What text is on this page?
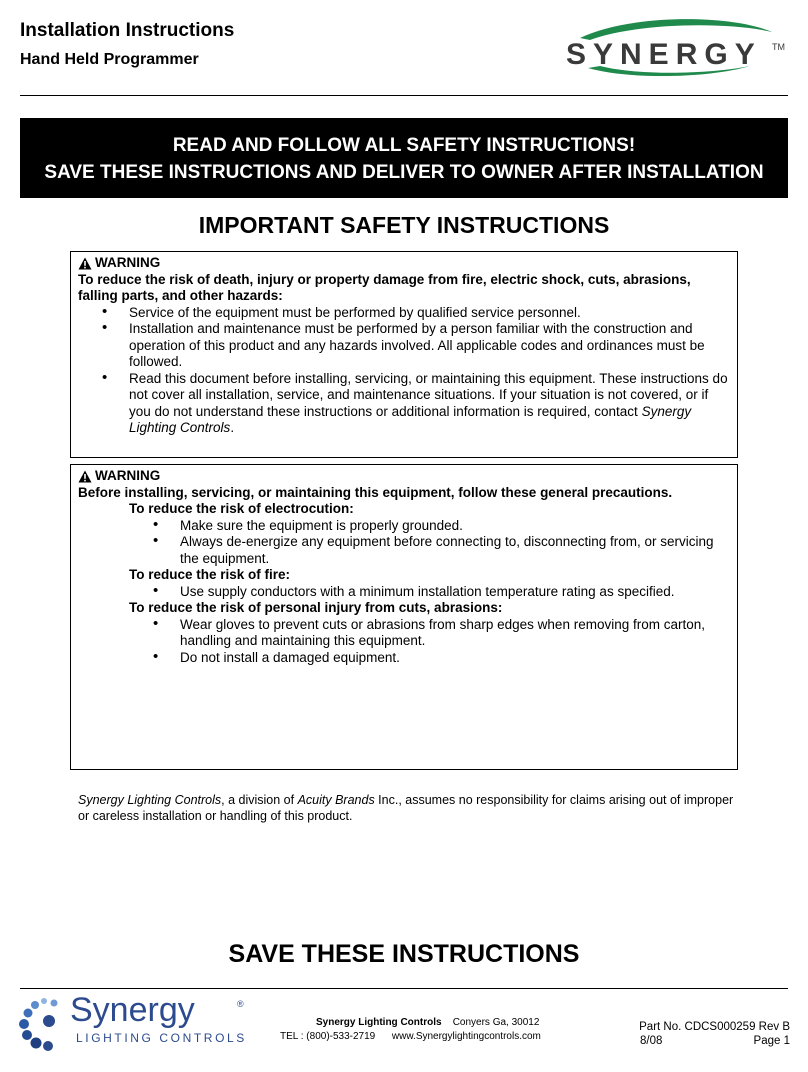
Installation Instructions
Hand Held Programmer	SYNERGY TM
READ AND FOLLOW ALL SAFETY INSTRUCTIONS!
SAVE THESE INSTRUCTIONS AND DELIVER TO OWNER AFTER INSTALLATION
IMPORTANT SAFETY INSTRUCTIONS
WARNING
To reduce the risk of death, injury or property damage from fire, electric shock, cuts, abrasions, falling parts, and other hazards:
• Service of the equipment must be performed by qualified service personnel.
• Installation and maintenance must be performed by a person familiar with the construction and operation of this product and any hazards involved. All applicable codes and ordinances must be followed.
• Read this document before installing, servicing, or maintaining this equipment. These instructions do not cover all installation, service, and maintenance situations. If your situation is not covered, or if you do not understand these instructions or additional information is required, contact Synergy Lighting Controls.
WARNING
Before installing, servicing, or maintaining this equipment, follow these general precautions.
To reduce the risk of electrocution:
• Make sure the equipment is properly grounded.
• Always de-energize any equipment before connecting to, disconnecting from, or servicing the equipment.
To reduce the risk of fire:
• Use supply conductors with a minimum installation temperature rating as specified.
To reduce the risk of personal injury from cuts, abrasions:
• Wear gloves to prevent cuts or abrasions from sharp edges when removing from carton, handling and maintaining this equipment.
• Do not install a damaged equipment.
Synergy Lighting Controls, a division of Acuity Brands Inc., assumes no responsibility for claims arising out of improper or careless installation or handling of this product.
SAVE THESE INSTRUCTIONS
Synergy	®
LIGHTING CONTROLS
Synergy Lighting Controls Conyers Ga, 30012
TEL : (800)-533-2719 www.Synergylightingcontrols.com
Part No. CDCS000259 Rev B
8/08	Page 1
